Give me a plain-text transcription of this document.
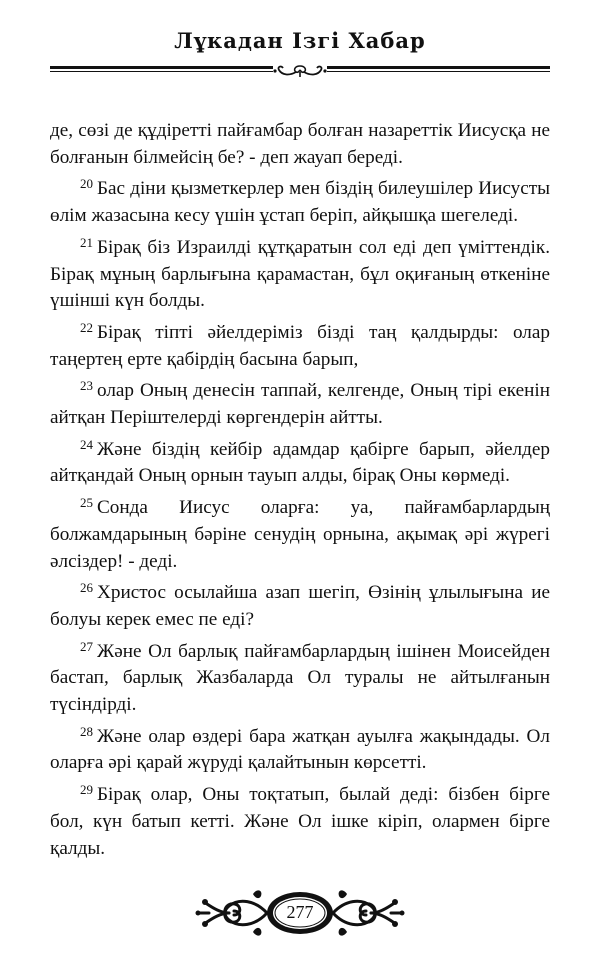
Лұкадан Ізгі Хабар

де, сөзі де құдіретті пайғамбар болған назареттік Иисусқа не болғанын білмейсің бе? - деп жауап береді.

$^{20}$ Бас діни қызметкерлер мен біздің билеушілер Иисусты өлім жазасына кесу үшін ұстап беріп, айқышқа шегеледі.

$^{21}$ Бірақ біз Израилді құтқаратын сол еді деп үміттендік. Бірақ мұның барлығына қарамастан, бұл оқиғаның өткеніне үшінші күн болды.

$^{22}$ Бірақ тіпті әйелдеріміз бізді таң қалдырды: олар таңертең ерте қабірдің басына барып,

$^{23}$ олар Оның денесін таппай, келгенде, Оның тірі екенін айтқан Періштелерді көргендерін айтты.

$^{24}$ Және біздің кейбір адамдар қабірге барып, әйелдер айтқандай Оның орнын тауып алды, бірақ Оны көрмеді.

$^{25}$ Сонда Иисус оларға: уа, пайғамбарлардың болжамдарының бәріне сенудің орнына, ақымақ әрі жүрегі әлсіздер! - деді.

$^{26}$ Христос осылайша азап шегіп, Өзінің ұлылығына ие болуы керек емес пе еді?

$^{27}$ Және Ол барлық пайғамбарлардың ішінен Моисейден бастап, барлық Жазбаларда Ол туралы не айтылғанын түсіндірді.

$^{28}$ Және олар өздері бара жатқан ауылға жақындады. Ол оларға әрі қарай жүруді қалайтынын көрсетті.

$^{29}$ Бірақ олар, Оны тоқтатып, былай деді: бізбен бірге бол, күн батып кетті. Және Ол ішке кіріп, олармен бірге қалды.

277
